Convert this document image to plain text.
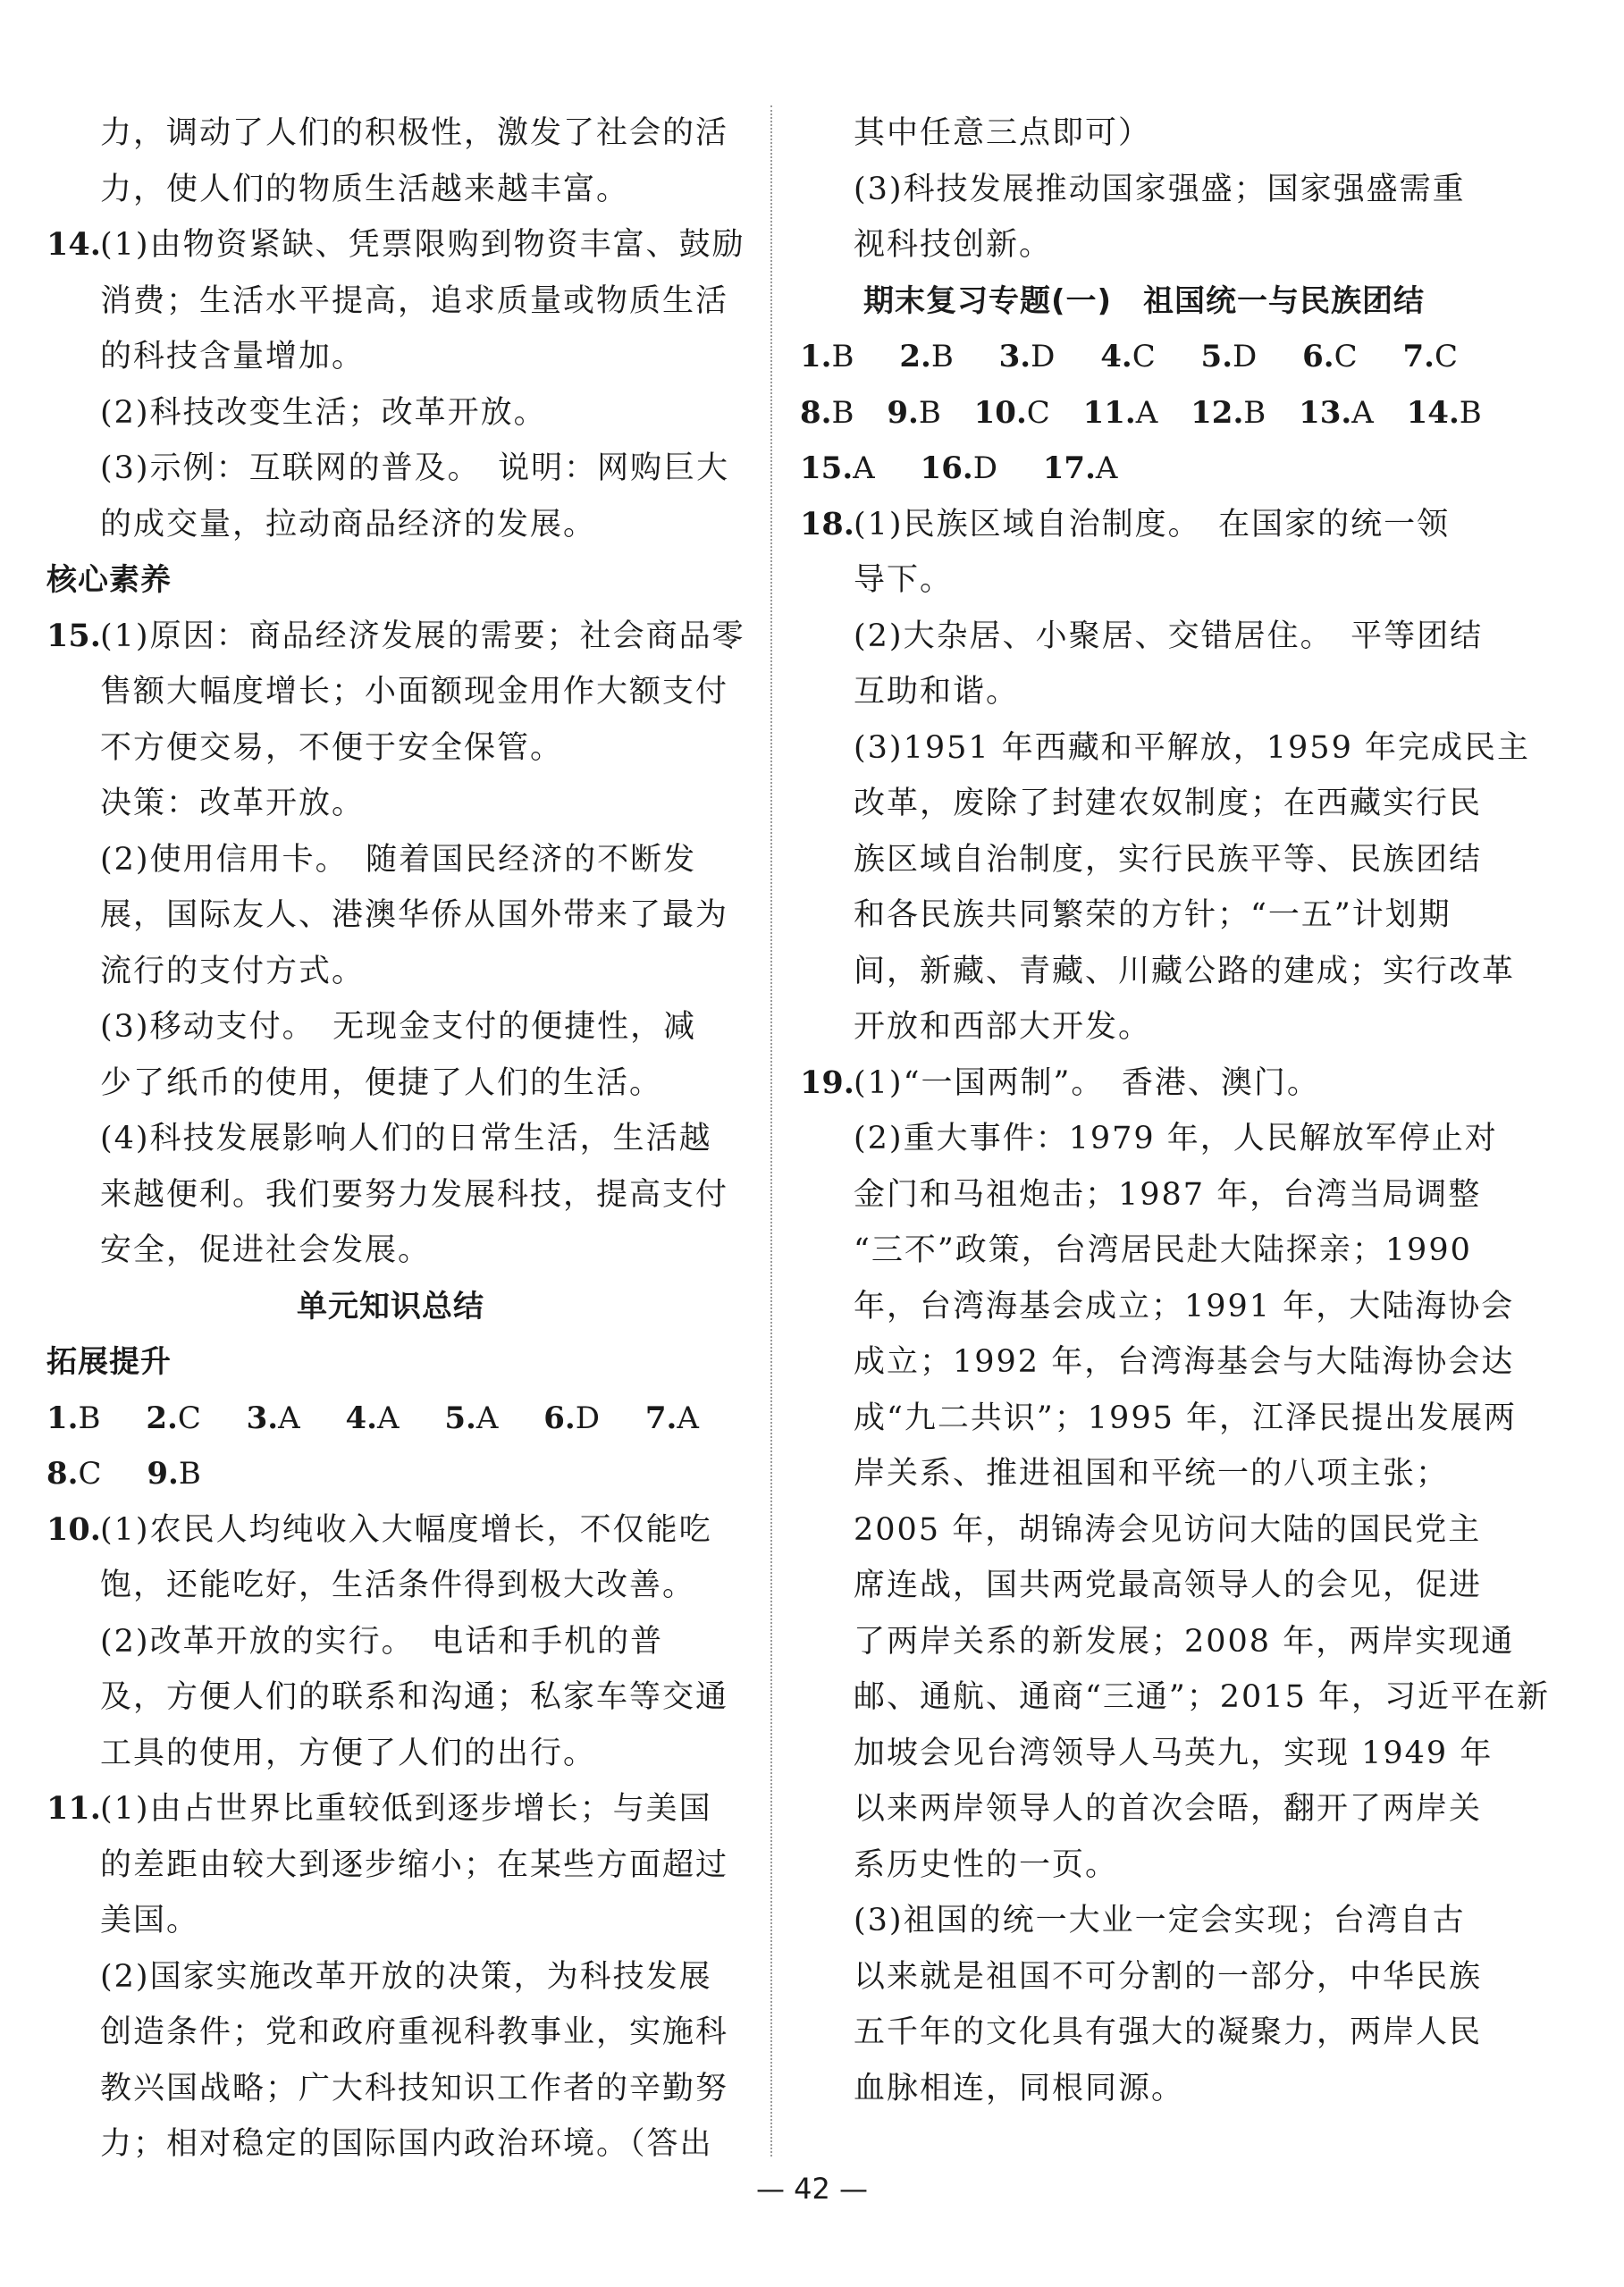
力，调动了人们的积极性，激发了社会的活
力，使人们的物质生活越来越丰富。
14.(1)由物资紧缺、凭票限购到物资丰富、鼓励
消费；生活水平提高，追求质量或物质生活
的科技含量增加。
(2)科技改变生活；改革开放。
(3)示例：互联网的普及。　说明：网购巨大
的成交量，拉动商品经济的发展。
核心素养
15.(1)原因：商品经济发展的需要；社会商品零
售额大幅度增长；小面额现金用作大额支付
不方便交易，不便于安全保管。
决策：改革开放。
(2)使用信用卡。　随着国民经济的不断发
展，国际友人、港澳华侨从国外带来了最为
流行的支付方式。
(3)移动支付。　无现金支付的便捷性，减
少了纸币的使用，便捷了人们的生活。
(4)科技发展影响人们的日常生活，生活越
来越便利。我们要努力发展科技，提高支付
安全，促进社会发展。
单元知识总结
拓展提升
1.B 2.C 3.A 4.A 5.A 6.D 7.A
8.C 9.B
10.(1)农民人均纯收入大幅度增长，不仅能吃
饱，还能吃好，生活条件得到极大改善。
(2)改革开放的实行。　电话和手机的普
及，方便人们的联系和沟通；私家车等交通
工具的使用，方便了人们的出行。
11.(1)由占世界比重较低到逐步增长；与美国
的差距由较大到逐步缩小；在某些方面超过
美国。
(2)国家实施改革开放的决策，为科技发展
创造条件；党和政府重视科教事业，实施科
教兴国战略；广大科技知识工作者的辛勤努
力；相对稳定的国际国内政治环境。（答出
其中任意三点即可）
(3)科技发展推动国家强盛；国家强盛需重
视科技创新。
期末复习专题(一)　祖国统一与民族团结
1.B 2.B 3.D 4.C 5.D 6.C 7.C
8.B 9.B 10.C 11.A 12.B 13.A 14.B
15.A 16.D 17.A
18.(1)民族区域自治制度。　在国家的统一领
导下。
(2)大杂居、小聚居、交错居住。　平等团结
互助和谐。
(3)1951 年西藏和平解放，1959 年完成民主
改革，废除了封建农奴制度；在西藏实行民
族区域自治制度，实行民族平等、民族团结
和各民族共同繁荣的方针；“一五”计划期
间，新藏、青藏、川藏公路的建成；实行改革
开放和西部大开发。
19.(1)“一国两制”。　香港、澳门。
(2)重大事件：1979 年，人民解放军停止对
金门和马祖炮击；1987 年，台湾当局调整
“三不”政策，台湾居民赴大陆探亲；1990
年，台湾海基会成立；1991 年，大陆海协会
成立；1992 年，台湾海基会与大陆海协会达
成“九二共识”；1995 年，江泽民提出发展两
岸关系、推进祖国和平统一的八项主张；
2005 年，胡锦涛会见访问大陆的国民党主
席连战，国共两党最高领导人的会见，促进
了两岸关系的新发展；2008 年，两岸实现通
邮、通航、通商“三通”；2015 年，习近平在新
加坡会见台湾领导人马英九，实现 1949 年
以来两岸领导人的首次会晤，翻开了两岸关
系历史性的一页。
(3)祖国的统一大业一定会实现；台湾自古
以来就是祖国不可分割的一部分，中华民族
五千年的文化具有强大的凝聚力，两岸人民
血脉相连，同根同源。
— 42 —
